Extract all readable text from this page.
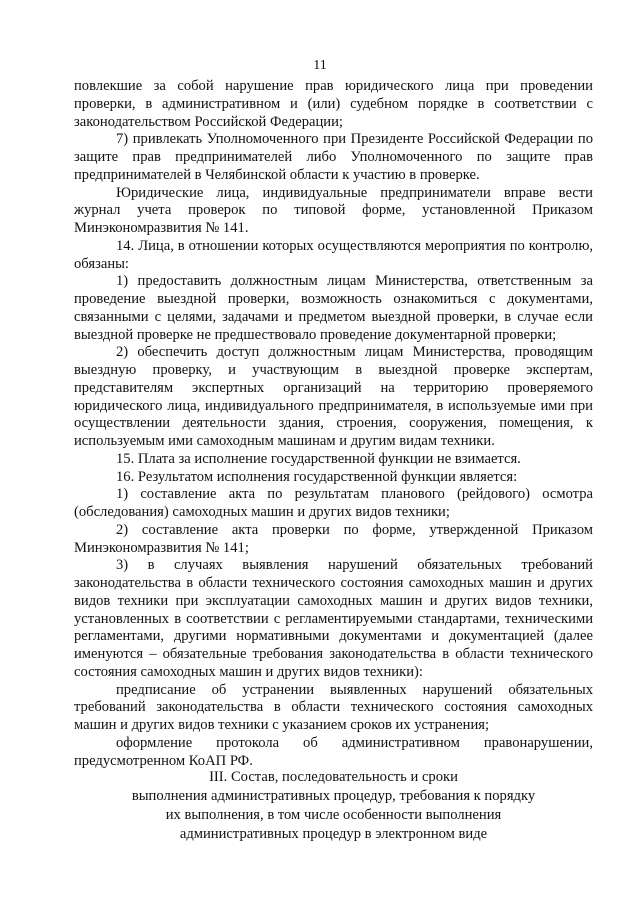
11

повлекшие за собой нарушение прав юридического лица при проведении проверки, в административном и (или) судебном порядке в соответствии с законодательством Российской Федерации;

7) привлекать Уполномоченного при Президенте Российской Федерации по защите прав предпринимателей либо Уполномоченного по защите прав предпринимателей в Челябинской области к участию в проверке.

Юридические лица, индивидуальные предприниматели вправе вести журнал учета проверок по типовой форме, установленной Приказом Минэкономразвития № 141.

14. Лица, в отношении которых осуществляются мероприятия по контролю, обязаны:

1) предоставить должностным лицам Министерства, ответственным за проведение выездной проверки, возможность ознакомиться с документами, связанными с целями, задачами и предметом выездной проверки, в случае если выездной проверке не предшествовало проведение документарной проверки;

2) обеспечить доступ должностным лицам Министерства, проводящим выездную проверку, и участвующим в выездной проверке экспертам, представителям экспертных организаций на территорию проверяемого юридического лица, индивидуального предпринимателя, в используемые ими при осуществлении деятельности здания, строения, сооружения, помещения, к используемым ими самоходным машинам и другим видам техники.

15. Плата за исполнение государственной функции не взимается.

16. Результатом исполнения государственной функции является:

1) составление акта по результатам планового (рейдового) осмотра (обследования) самоходных машин и других видов техники;

2) составление акта проверки по форме, утвержденной Приказом Минэкономразвития № 141;

3) в случаях выявления нарушений обязательных требований законодательства в области технического состояния самоходных машин и других видов техники при эксплуатации самоходных машин и других видов техники, установленных в соответствии с регламентируемыми стандартами, техническими регламентами, другими нормативными документами и документацией (далее именуются – обязательные требования законодательства в области технического состояния самоходных машин и других видов техники):

предписание об устранении выявленных нарушений обязательных требований законодательства в области технического состояния самоходных машин и других видов техники с указанием сроков их устранения;

оформление протокола об административном правонарушении, предусмотренном КоАП РФ.

III. Состав, последовательность и сроки
выполнения административных процедур, требования к порядку
их выполнения, в том числе особенности выполнения
административных процедур в электронном виде
